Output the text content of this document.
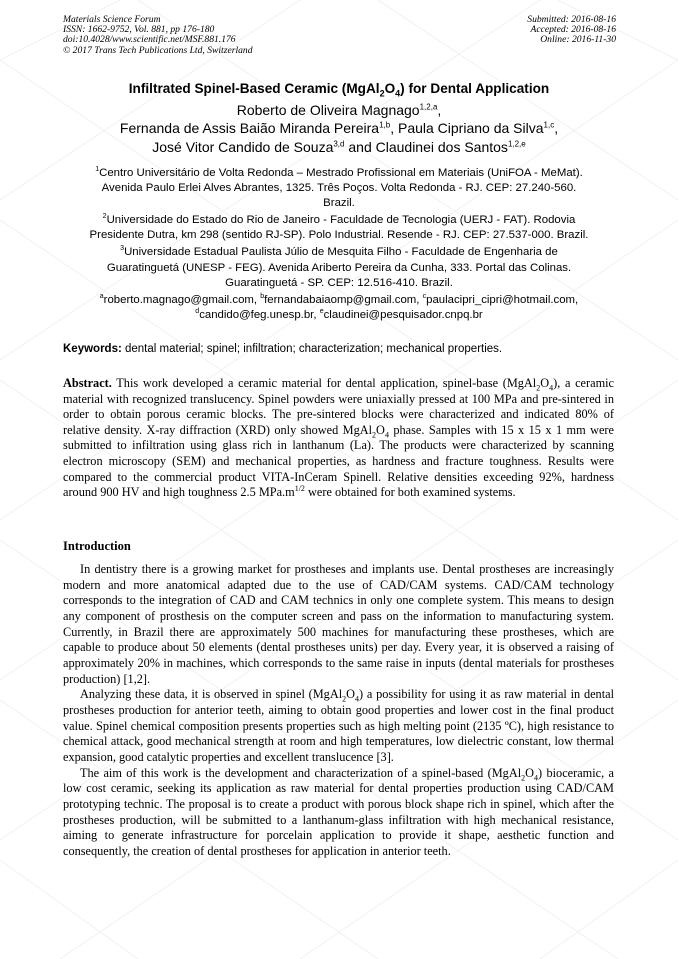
Materials Science Forum
ISSN: 1662-9752, Vol. 881, pp 176-180
doi:10.4028/www.scientific.net/MSF.881.176
© 2017 Trans Tech Publications Ltd, Switzerland
Submitted: 2016-08-16
Accepted: 2016-08-16
Online: 2016-11-30
Infiltrated Spinel-Based Ceramic $(MgAl_2O_4)$ for Dental Application
Roberto de Oliveira Magnago$^{1,2,a}$,
Fernanda de Assis Baião Miranda Pereira$^{1,b}$, Paula Cipriano da Silva$^{1,c}$,
José Vitor Candido de Souza$^{3,d}$ and Claudinei dos Santos$^{1,2,e}$
$^1$Centro Universitário de Volta Redonda – Mestrado Profissional em Materiais (UniFOA - MeMat).
Avenida Paulo Erlei Alves Abrantes, 1325. Três Poços. Volta Redonda - RJ. CEP: 27.240-560.
Brazil.
$^2$Universidade do Estado do Rio de Janeiro - Faculdade de Tecnologia (UERJ - FAT). Rodovia
Presidente Dutra, km 298 (sentido RJ-SP). Polo Industrial. Resende - RJ. CEP: 27.537-000. Brazil.
$^3$Universidade Estadual Paulista Júlio de Mesquita Filho - Faculdade de Engenharia de
Guaratinguetá (UNESP - FEG). Avenida Ariberto Pereira da Cunha, 333. Portal das Colinas.
Guaratinguetá - SP. CEP: 12.516-410. Brazil.
$^a$roberto.magnago@gmail.com, $^b$fernandabaiaomp@gmail.com, $^c$paulacipri_cipri@hotmail.com,
$^d$candido@feg.unesp.br, $^e$claudinei@pesquisador.cnpq.br
Keywords: dental material; spinel; infiltration; characterization; mechanical properties.
Abstract. This work developed a ceramic material for dental application, spinel-base $(MgAl_2O_4)$, a ceramic material with recognized translucency. Spinel powders were uniaxially pressed at 100 MPa and pre-sintered in order to obtain porous ceramic blocks. The pre-sintered blocks were characterized and indicated 80% of relative density. X-ray diffraction (XRD) only showed $MgAl_2O_4$ phase. Samples with 15 x 15 x 1 mm were submitted to infiltration using glass rich in lanthanum (La). The products were characterized by scanning electron microscopy (SEM) and mechanical properties, as hardness and fracture toughness. Results were compared to the commercial product VITA-InCeram Spinell. Relative densities exceeding 92%, hardness around 900 HV and high toughness 2.5 $MPa.m^{1/2}$ were obtained for both examined systems.
Introduction

In dentistry there is a growing market for prostheses and implants use. Dental prostheses are increasingly modern and more anatomical adapted due to the use of CAD/CAM systems. CAD/CAM technology corresponds to the integration of CAD and CAM technics in only one complete system. This means to design any component of prosthesis on the computer screen and pass on the information to manufacturing system. Currently, in Brazil there are approximately 500 machines for manufacturing these prostheses, which are capable to produce about 50 elements (dental prostheses units) per day. Every year, it is observed a raising of approximately 20% in machines, which corresponds to the same raise in inputs (dental materials for prostheses production) [1,2].

Analyzing these data, it is observed in spinel $(MgAl_2O_4)$ a possibility for using it as raw material in dental prostheses production for anterior teeth, aiming to obtain good properties and lower cost in the final product value. Spinel chemical composition presents properties such as high melting point (2135 ºC), high resistance to chemical attack, good mechanical strength at room and high temperatures, low dielectric constant, low thermal expansion, good catalytic properties and excellent translucence [3].

The aim of this work is the development and characterization of a spinel-based $(MgAl_2O_4)$ bioceramic, a low cost ceramic, seeking its application as raw material for dental properties production using CAD/CAM prototyping technic. The proposal is to create a product with porous block shape rich in spinel, which after the prostheses production, will be submitted to a lanthanum-glass infiltration with high mechanical resistance, aiming to generate infrastructure for porcelain application to provide it shape, aesthetic function and consequently, the creation of dental prostheses for application in anterior teeth.
